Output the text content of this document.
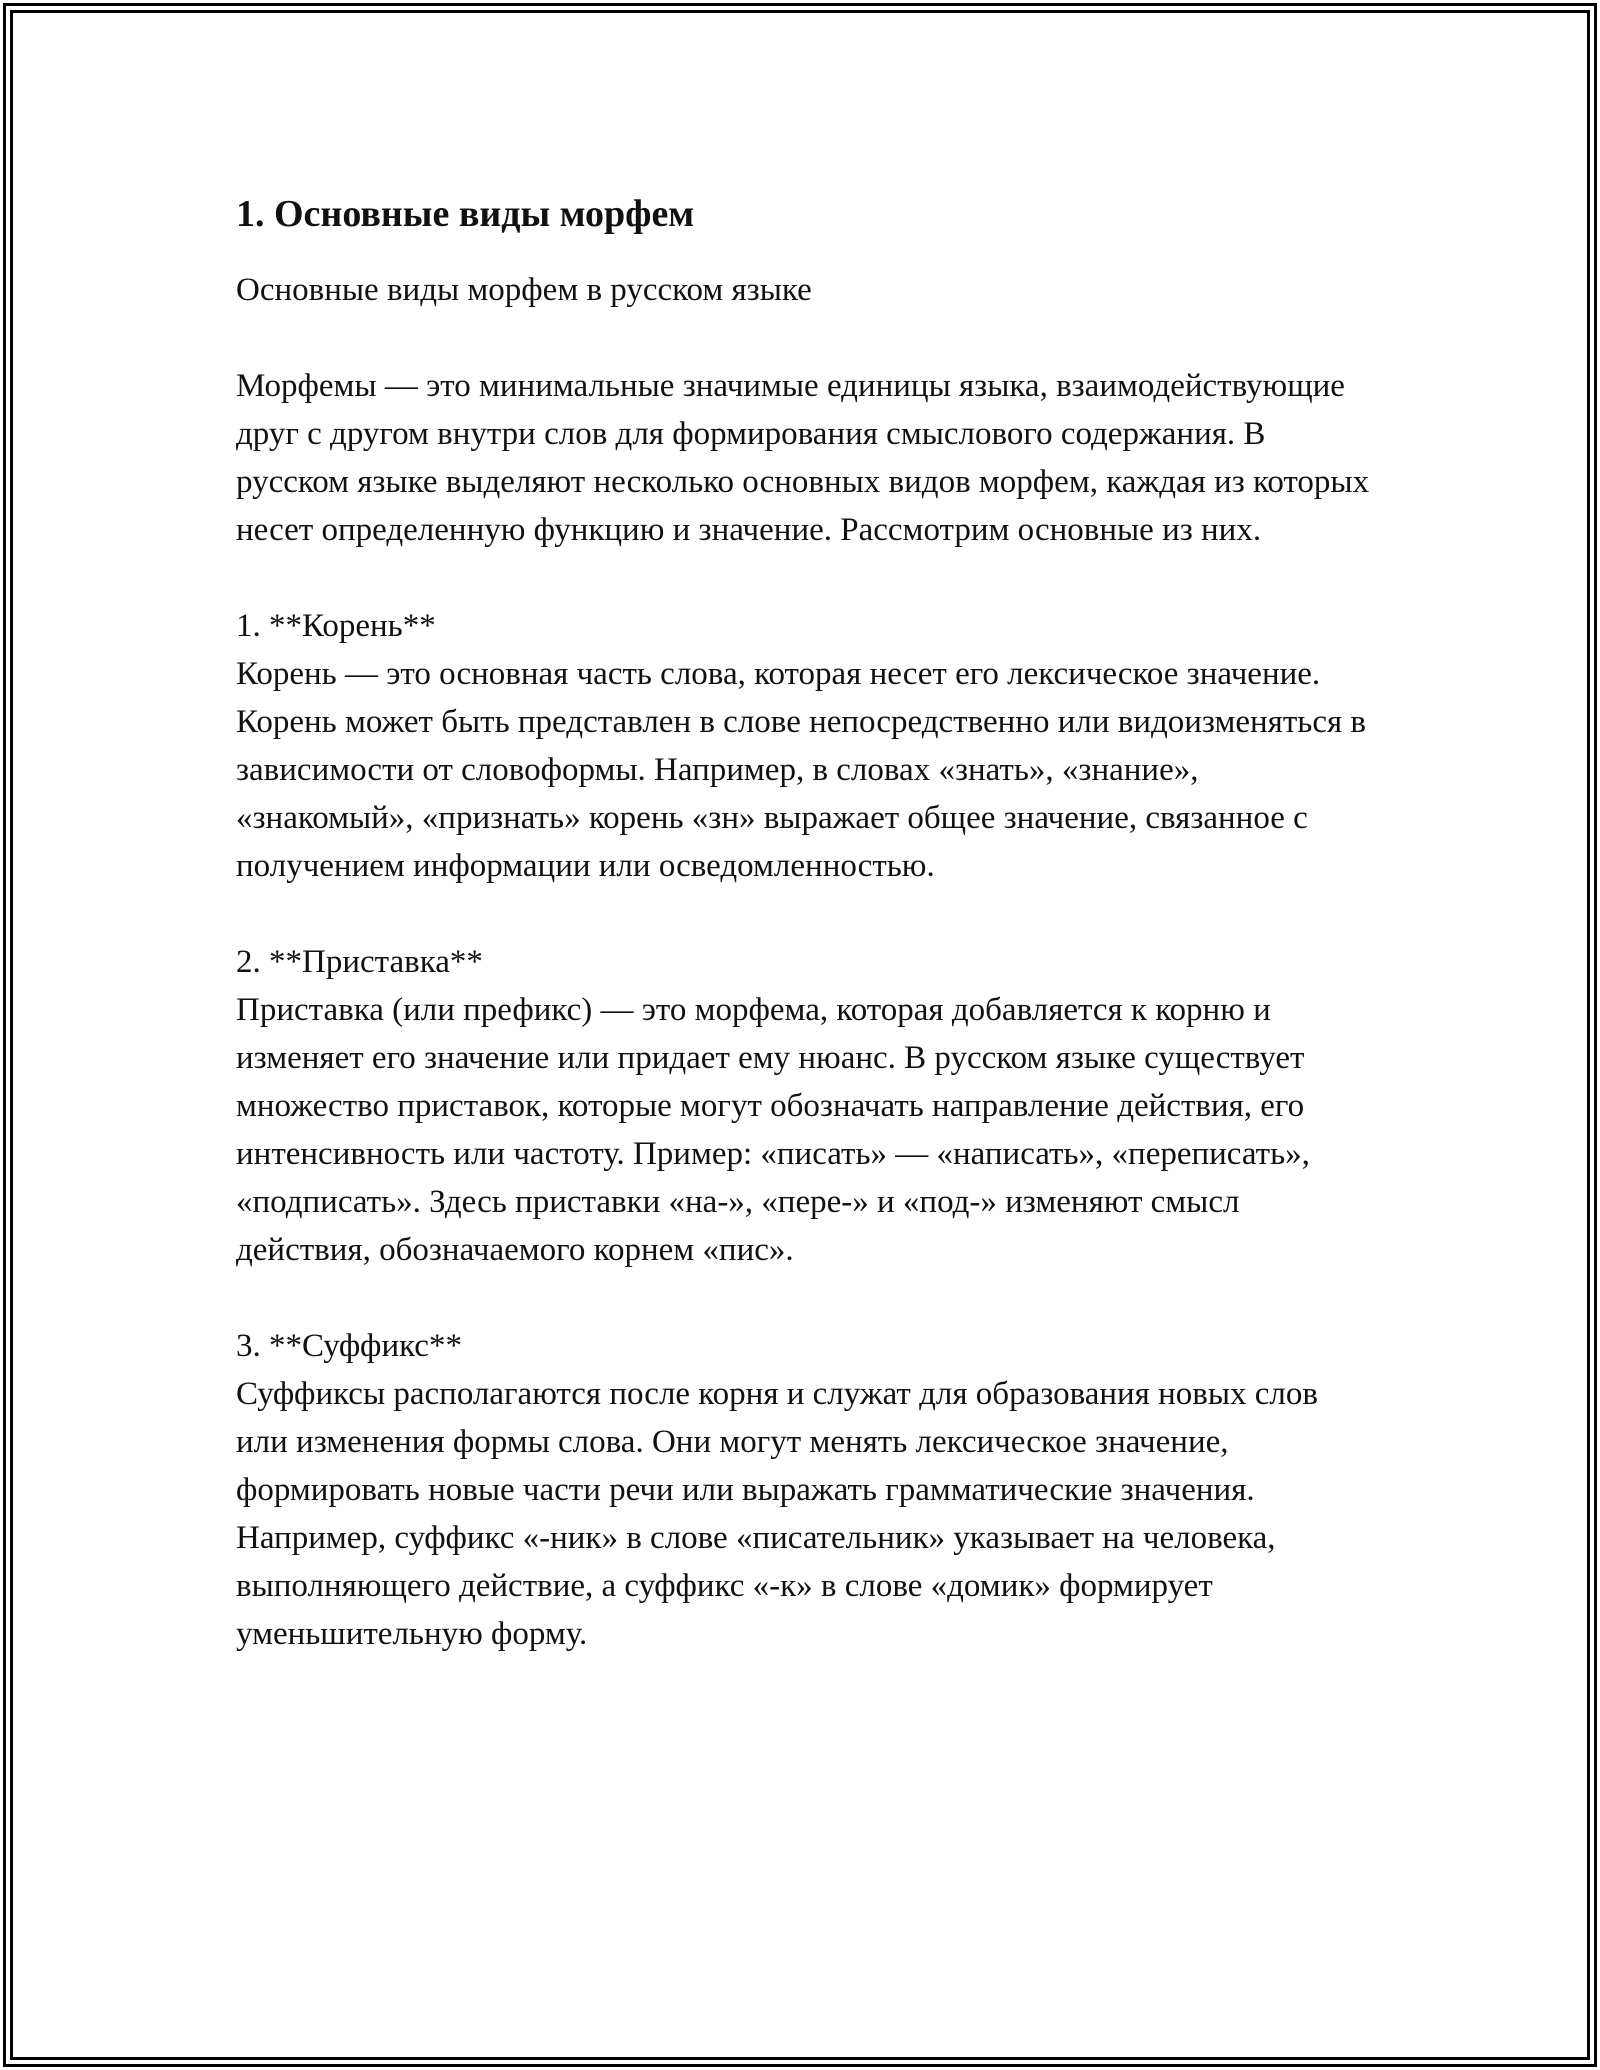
1. Основные виды морфем
Основные виды морфем в русском языке
Морфемы — это минимальные значимые единицы языка, взаимодействующие друг с другом внутри слов для формирования смыслового содержания. В русском языке выделяют несколько основных видов морфем, каждая из которых несет определенную функцию и значение. Рассмотрим основные из них.
1. **Корень**
Корень — это основная часть слова, которая несет его лексическое значение. Корень может быть представлен в слове непосредственно или видоизменяться в зависимости от словоформы. Например, в словах «знать», «знание», «знакомый», «признать» корень «зн» выражает общее значение, связанное с получением информации или осведомленностью.
2. **Приставка**
Приставка (или префикс) — это морфема, которая добавляется к корню и изменяет его значение или придает ему нюанс. В русском языке существует множество приставок, которые могут обозначать направление действия, его интенсивность или частоту. Пример: «писать» — «написать», «переписать», «подписать». Здесь приставки «на-», «пере-» и «под-» изменяют смысл действия, обозначаемого корнем «пис».
3. **Суффикс**
Суффиксы располагаются после корня и служат для образования новых слов или изменения формы слова. Они могут менять лексическое значение, формировать новые части речи или выражать грамматические значения. Например, суффикс «-ник» в слове «писательник» указывает на человека, выполняющего действие, а суффикс «-к» в слове «домик» формирует уменьшительную форму.
